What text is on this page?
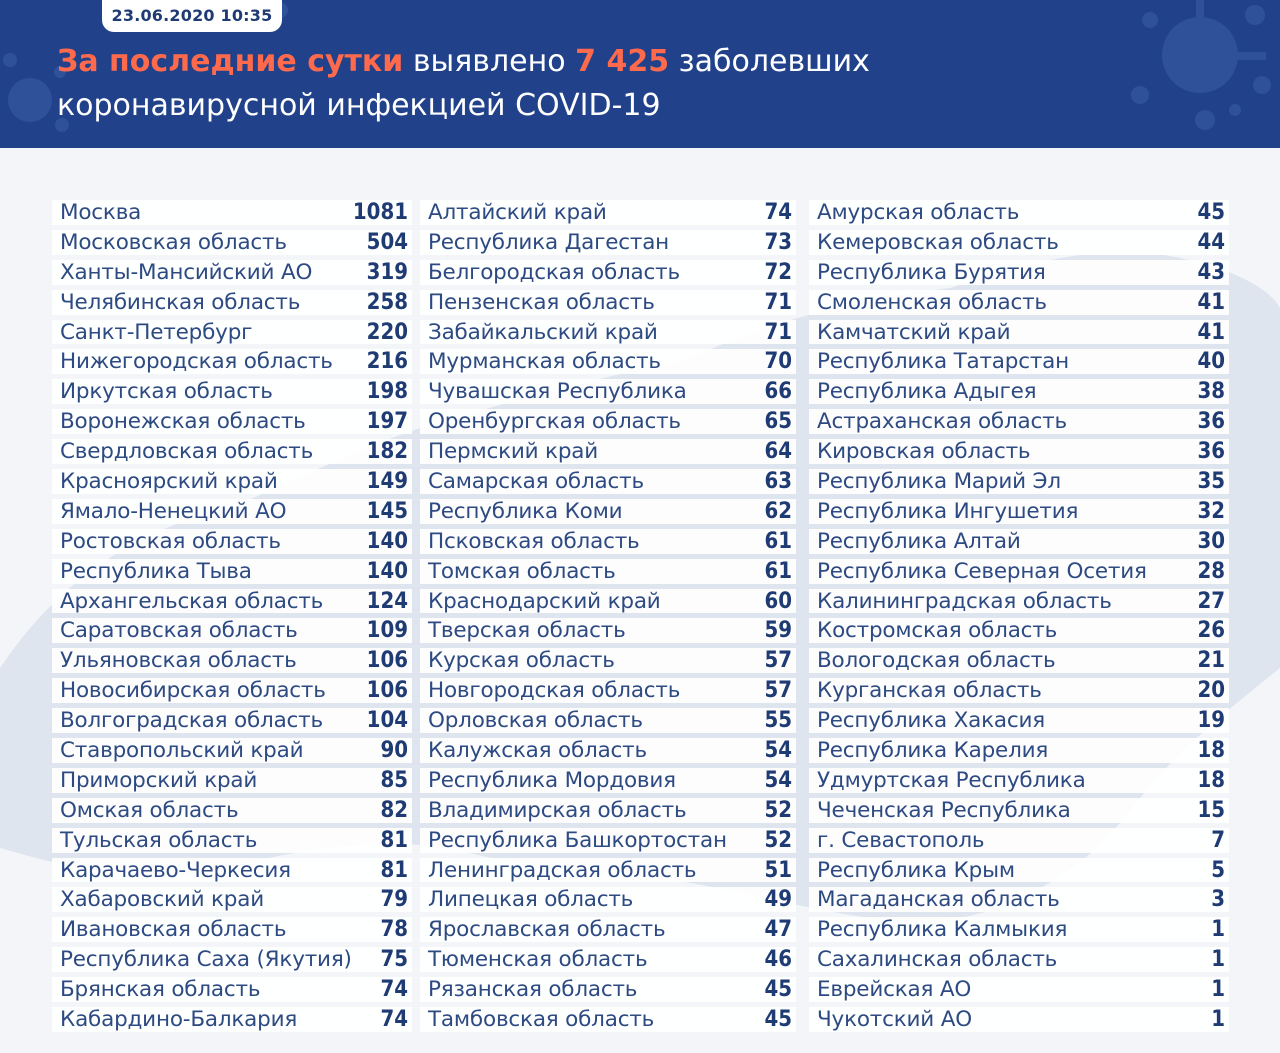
23.06.2020 10:35
За последние сутки выявлено 7 425 заболевших
коронавирусной инфекцией COVID-19
Москва	1081
Московская область	504
Ханты-Мансийский АО 319
Челябинская область	258
Санкт-Петербург	220
Нижегородская область 216
Иркутская область	198
Воронежская область	197
Свердловская область 182
Красноярский край	149
Ямало-Ненецкий АО	145
Ростовская область	140
Республика Тыва	140
Архангельская область 124
Саратовская область	109
Ульяновская область	106
Новосибирская область 106
Волгоградская область 104
Ставропольский край	90
Приморский край	85
Омская область	82
Тульская область	81
Карачаево-Черкесия	81
Хабаровский край	79
Ивановская область	78
Республика Саха (Якутия) 75
Брянская область	74
Кабардино-Балкария	74
Алтайский край	74
Республика Дагестан	73
Белгородская область	72
Пензенская область	71
Забайкальский край	71
Мурманская область	70
Чувашская Республика	66
Оренбургская область	65
Пермский край	64
Самарская область	63
Республика Коми	62
Псковская область	61
Томская область	61
Краснодарский край	60
Тверская область	59
Курская область	57
Новгородская область	57
Орловская область	55
Калужская область	54
Республика Мордовия	54
Владимирская область	52
Республика Башкортостан 52
Ленинградская область	51
Липецкая область	49
Ярославская область	47
Тюменская область	46
Рязанская область	45
Тамбовская область	45
Амурская область	45
Кемеровская область	44
Республика Бурятия	43
Смоленская область	41
Камчатский край	41
Республика Татарстан	40
Республика Адыгея	38
Астраханская область	36
Кировская область	36
Республика Марий Эл	35
Республика Ингушетия	32
Республика Алтай	30
Республика Северная Осетия 28
Калининградская область	27
Костромская область	26
Вологодская область	21
Курганская область	20
Республика Хакасия	19
Республика Карелия	18
Удмуртская Республика	18
Чеченская Республика	15
г. Севастополь	7
Республика Крым	5
Магаданская область	3
Республика Калмыкия	1
Сахалинская область	1
Еврейская АО	1
Чукотский АО	1
